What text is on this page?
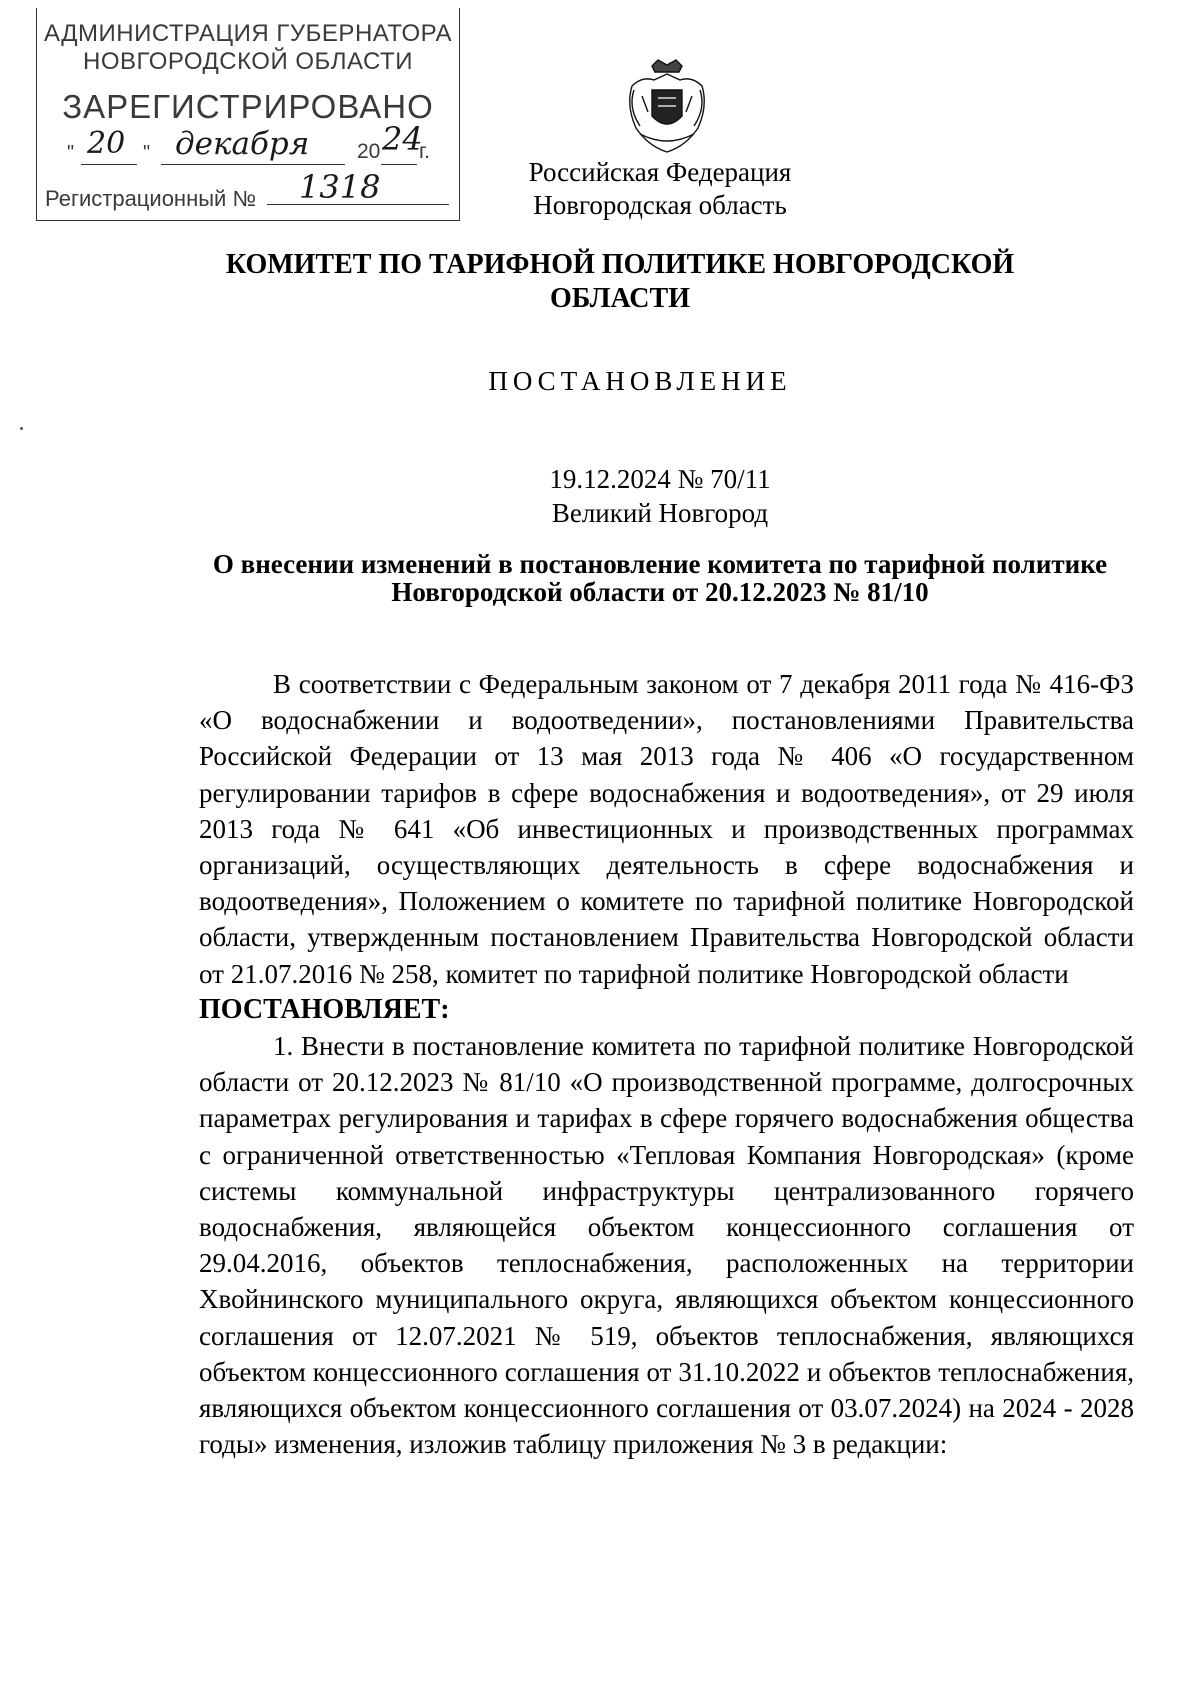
АДМИНИСТРАЦИЯ ГУБЕРНАТОРА
НОВГОРОДСКОЙ ОБЛАСТИ
ЗАРЕГИСТРИРОВАНО
" 20 " декабря 20 24
г.
Регистрационный № 1318	Российская Федерация
Новгородская область
КОМИТЕТ ПО ТАРИФНОЙ ПОЛИТИКЕ НОВГОРОДСКОЙ ОБЛАСТИ
ПОСТАНОВЛЕНИЕ
19.12.2024 № 70/11
Великий Новгород
О внесении изменений в постановление комитета по тарифной политике Новгородской области от 20.12.2023 № 81/10

В соответствии с Федеральным законом от 7 декабря 2011 года № 416-ФЗ «О водоснабжении и водоотведении», постановлениями Правительства Российской Федерации от 13 мая 2013 года № 406 «О государственном регулировании тарифов в сфере водоснабжения и водоотведения», от 29 июля 2013 года № 641 «Об инвестиционных и производственных программах организаций, осуществляющих деятельность в сфере водоснабжения и водоотведения», Положением о комитете по тарифной политике Новгородской области, утвержденным постановлением Правительства Новгородской области от 21.07.2016 № 258, комитет по тарифной политике Новгородской области

ПОСТАНОВЛЯЕТ:

1. Внести в постановление комитета по тарифной политике Новгородской области от 20.12.2023 № 81/10 «О производственной программе, долгосрочных параметрах регулирования и тарифах в сфере горячего водоснабжения общества с ограниченной ответственностью «Тепловая Компания Новгородская» (кроме системы коммунальной инфраструктуры централизованного горячего водоснабжения, являющейся объектом концессионного соглашения от 29.04.2016, объектов теплоснабжения, расположенных на территории Хвойнинского муниципального округа, являющихся объектом концессионного соглашения от 12.07.2021 № 519, объектов теплоснабжения, являющихся объектом концессионного соглашения от 31.10.2022 и объектов теплоснабжения, являющихся объектом концессионного соглашения от 03.07.2024) на 2024 - 2028 годы» изменения, изложив таблицу приложения № 3 в редакции:
